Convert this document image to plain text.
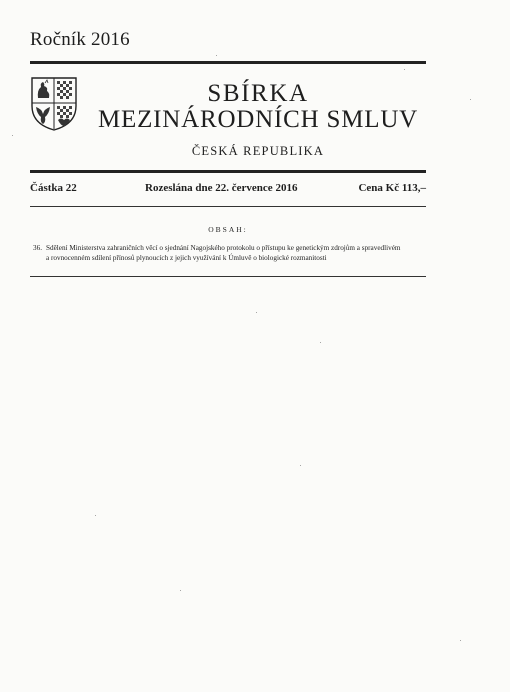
Ročník 2016
SBÍRKA
MEZINÁRODNÍCH SMLUV
ČESKÁ REPUBLIKA
Částka 22	Rozeslána dne 22. července 2016	Cena Kč 113,–
OBSAH:
36. Sdělení Ministerstva zahraničních věcí o sjednání Nagojského protokolu o přístupu ke genetickým zdrojům a spravedlivém
a rovnocenném sdílení přínosů plynoucích z jejich využívání k Úmluvě o biologické rozmanitosti
